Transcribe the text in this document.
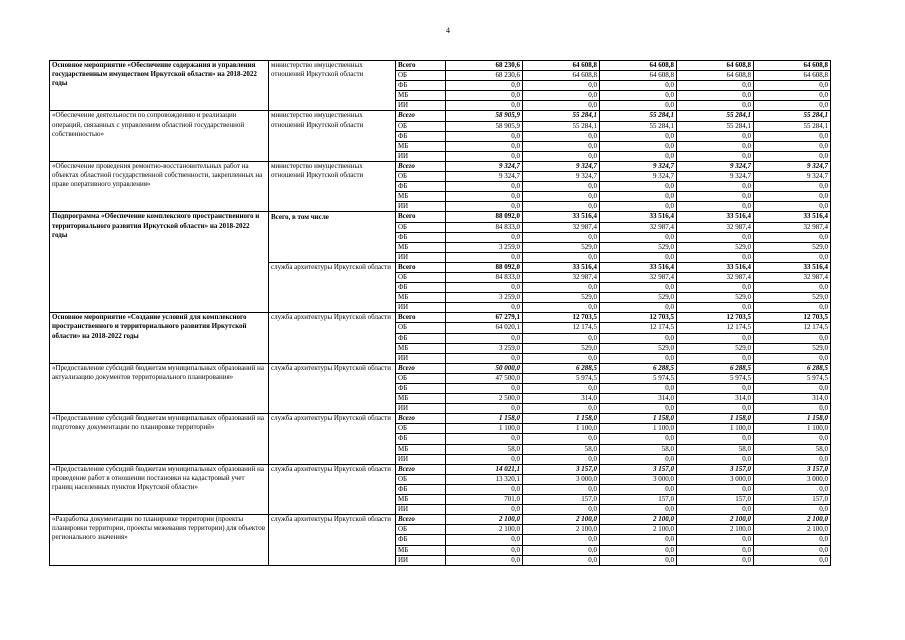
4
Основное мероприятие «Обеспечение содержания и управления государственным имуществом Иркутской области» на 2018-2022 годы	министерство имущественных отношений Иркутской области	Всего	68 230,6	64 608,8	64 608,8	64 608,8	64 608,8
		ОБ	68 230,6	64 608,8	64 608,8	64 608,8	64 608,8
		ФБ	0,0	0,0	0,0	0,0	0,0
		МБ	0,0	0,0	0,0	0,0	0,0
		ИИ	0,0	0,0	0,0	0,0	0,0
«Обеспечение деятельности по сопровождению и реализации операций, связанных с управлением областной государственной собственностью»	министерство имущественных отношений Иркутской области	Всего	58 905,9	55 284,1	55 284,1	55 284,1	55 284,1
		ОБ	58 905,9	55 284,1	55 284,1	55 284,1	55 284,1
		ФБ	0,0	0,0	0,0	0,0	0,0
		МБ	0,0	0,0	0,0	0,0	0,0
		ИИ	0,0	0,0	0,0	0,0	0,0
«Обеспечение проведения ремонтно-восстановительных работ на объектах областной государственной собственности, закрепленных на праве оперативного управления»	министерство имущественных отношений Иркутской области	Всего	9 324,7	9 324,7	9 324,7	9 324,7	9 324,7
		ОБ	9 324,7	9 324,7	9 324,7	9 324,7	9 324,7
		ФБ	0,0	0,0	0,0	0,0	0,0
		МБ	0,0	0,0	0,0	0,0	0,0
		ИИ	0,0	0,0	0,0	0,0	0,0
Подпрограмма «Обеспечение комплексного пространственного и территориального развития Иркутской области» на 2018-2022 годы	Всего, в том числе	Всего	88 092,0	33 516,4	33 516,4	33 516,4	33 516,4
		ОБ	84 833,0	32 987,4	32 987,4	32 987,4	32 987,4
		ФБ	0,0	0,0	0,0	0,0	0,0
		МБ	3 259,0	529,0	529,0	529,0	529,0
		ИИ	0,0	0,0	0,0	0,0	0,0
	служба архитектуры Иркутской области	Всего	88 092,0	33 516,4	33 516,4	33 516,4	33 516,4
		ОБ	84 833,0	32 987,4	32 987,4	32 987,4	32 987,4
		ФБ	0,0	0,0	0,0	0,0	0,0
		МБ	3 259,0	529,0	529,0	529,0	529,0
		ИИ	0,0	0,0	0,0	0,0	0,0
Основное мероприятие «Создание условий для комплексного пространственного и территориального развития Иркутской области» на 2018-2022 годы	служба архитектуры Иркутской области	Всего	67 279,1	12 703,5	12 703,5	12 703,5	12 703,5
		ОБ	64 020,1	12 174,5	12 174,5	12 174,5	12 174,5
		ФБ	0,0	0,0	0,0	0,0	0,0
		МБ	3 259,0	529,0	529,0	529,0	529,0
		ИИ	0,0	0,0	0,0	0,0	0,0
«Предоставление субсидий бюджетам муниципальных образований на актуализацию документов территориального планирования»	служба архитектуры Иркутской области	Всего	50 000,0	6 288,5	6 288,5	6 288,5	6 288,5
		ОБ	47 500,0	5 974,5	5 974,5	5 974,5	5 974,5
		ФБ	0,0	0,0	0,0	0,0	0,0
		МБ	2 500,0	314,0	314,0	314,0	314,0
		ИИ	0,0	0,0	0,0	0,0	0,0
«Предоставление субсидий бюджетам муниципальных образований на подготовку документации по планировке территорий»	служба архитектуры Иркутской области	Всего	1 158,0	1 158,0	1 158,0	1 158,0	1 158,0
		ОБ	1 100,0	1 100,0	1 100,0	1 100,0	1 100,0
		ФБ	0,0	0,0	0,0	0,0	0,0
		МБ	58,0	58,0	58,0	58,0	58,0
		ИИ	0,0	0,0	0,0	0,0	0,0
«Предоставление субсидий бюджетам муниципальных образований на проведение работ в отношении постановки на кадастровый учет границ населенных пунктов Иркутской области»	служба архитектуры Иркутской области	Всего	14 021,1	3 157,0	3 157,0	3 157,0	3 157,0
		ОБ	13 320,1	3 000,0	3 000,0	3 000,0	3 000,0
		ФБ	0,0	0,0	0,0	0,0	0,0
		МБ	701,0	157,0	157,0	157,0	157,0
		ИИ	0,0	0,0	0,0	0,0	0,0
«Разработка документации по планировке территории (проекты планировки территории, проекты межевания территории) для объектов регионального значения»	служба архитектуры Иркутской области	Всего	2 100,0	2 100,0	2 100,0	2 100,0	2 100,0
		ОБ	2 100,0	2 100,0	2 100,0	2 100,0	2 100,0
		ФБ	0,0	0,0	0,0	0,0	0,0
		МБ	0,0	0,0	0,0	0,0	0,0
		ИИ	0,0	0,0	0,0	0,0	0,0
